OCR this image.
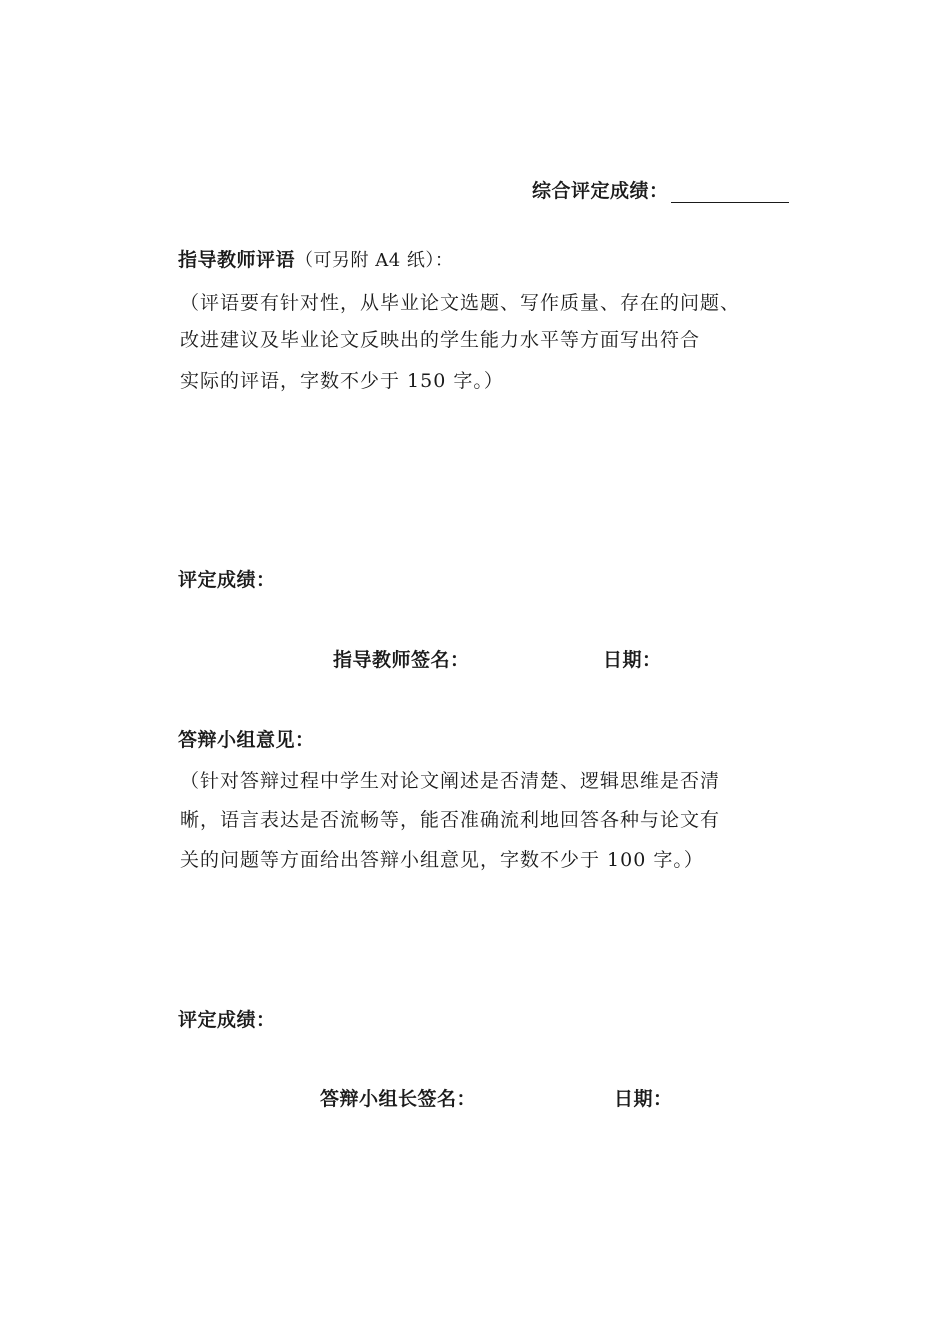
综合评定成绩：
指导教师评语（可另附 A4 纸）：
（评语要有针对性，从毕业论文选题、写作质量、存在的问题、
改进建议及毕业论文反映出的学生能力水平等方面写出符合
实际的评语，字数不少于 150 字。）
评定成绩：
指导教师签名：	日期：
答辩小组意见：
（针对答辩过程中学生对论文阐述是否清楚、逻辑思维是否清
晰，语言表达是否流畅等，能否准确流利地回答各种与论文有
关的问题等方面给出答辩小组意见，字数不少于 100 字。）
评定成绩：
答辩小组长签名：	日期：
